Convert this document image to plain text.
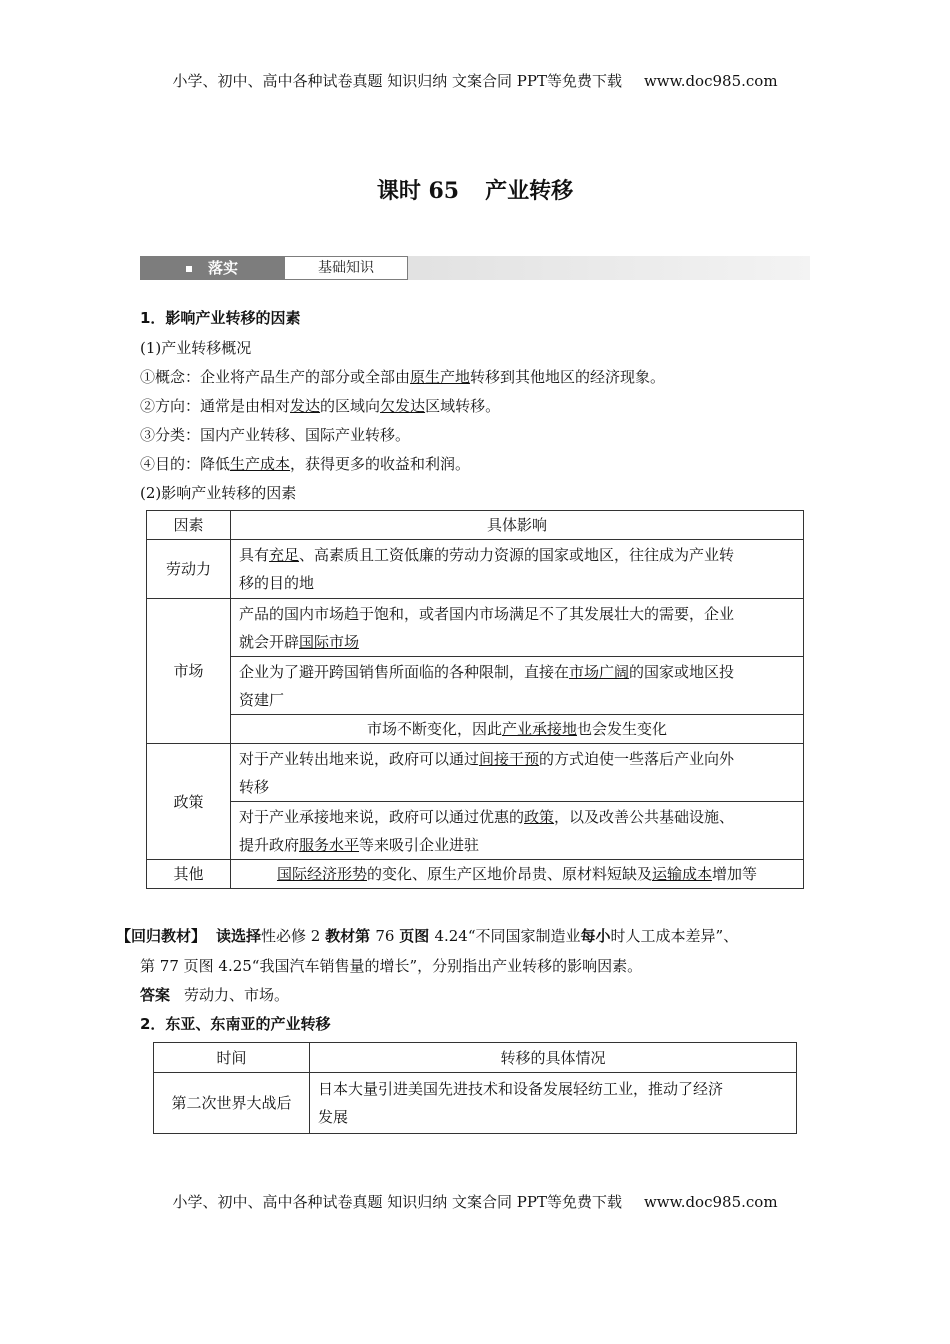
小学、初中、高中各种试卷真题 知识归纳 文案合同 PPT等免费下载 www.doc985.com
课时 65 产业转移
落实	基础知识
1．影响产业转移的因素
(1)产业转移概况
①概念：企业将产品生产的部分或全部由原生产地转移到其他地区的经济现象。
②方向：通常是由相对发达的区域向欠发达区域转移。
③分类：国内产业转移、国际产业转移。
④目的：降低生产成本，获得更多的收益和利润。
(2)影响产业转移的因素
因素	具体影响
劳动力	具有充足、高素质且工资低廉的劳动力资源的国家或地区，往往成为产业转
移的目的地
市场	产品的国内市场趋于饱和，或者国内市场满足不了其发展壮大的需要，企业
就会开辟国际市场
	企业为了避开跨国销售所面临的各种限制，直接在市场广阔的国家或地区投
资建厂
	市场不断变化，因此产业承接地也会发生变化
政策	对于产业转出地来说，政府可以通过间接干预的方式迫使一些落后产业向外
转移
	对于产业承接地来说，政府可以通过优惠的政策，以及改善公共基础设施、
提升政府服务水平等来吸引企业进驻
其他	国际经济形势的变化、原生产区地价昂贵、原材料短缺及运输成本增加等
【回归教材】 读选择性必修 2 教材第 76 页图 4.24“不同国家制造业每小时人工成本差异”、
第 77 页图 4.25“我国汽车销售量的增长”，分别指出产业转移的影响因素。
答案 劳动力、市场。
2．东亚、东南亚的产业转移
时间	转移的具体情况
第二次世界大战后	日本大量引进美国先进技术和设备发展轻纺工业，推动了经济
发展
小学、初中、高中各种试卷真题 知识归纳 文案合同 PPT等免费下载 www.doc985.com
